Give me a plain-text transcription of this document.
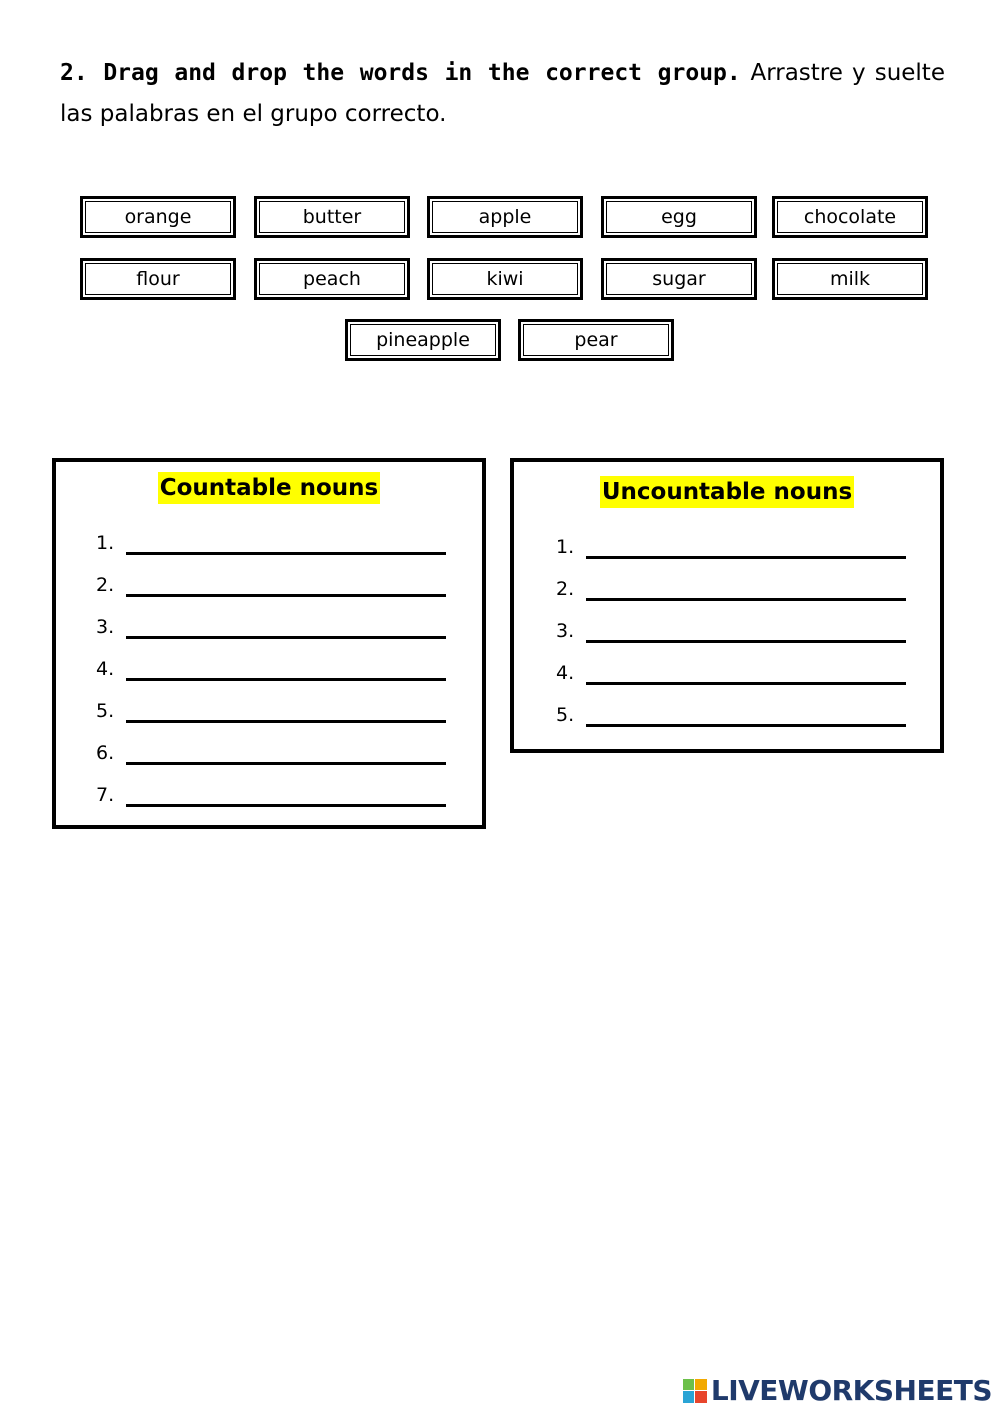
2. Drag and drop the words in the correct group. Arrastre y suelte las palabras en el grupo correcto.
orange	butter	apple	egg	chocolate
flour	peach	kiwi	sugar	milk
pineapple	pear
Countable nouns
1.
2.
3.
4.
5.
6.
7.
Uncountable nouns
1.
2.
3.
4.
5.
LIVEWORKSHEETS
